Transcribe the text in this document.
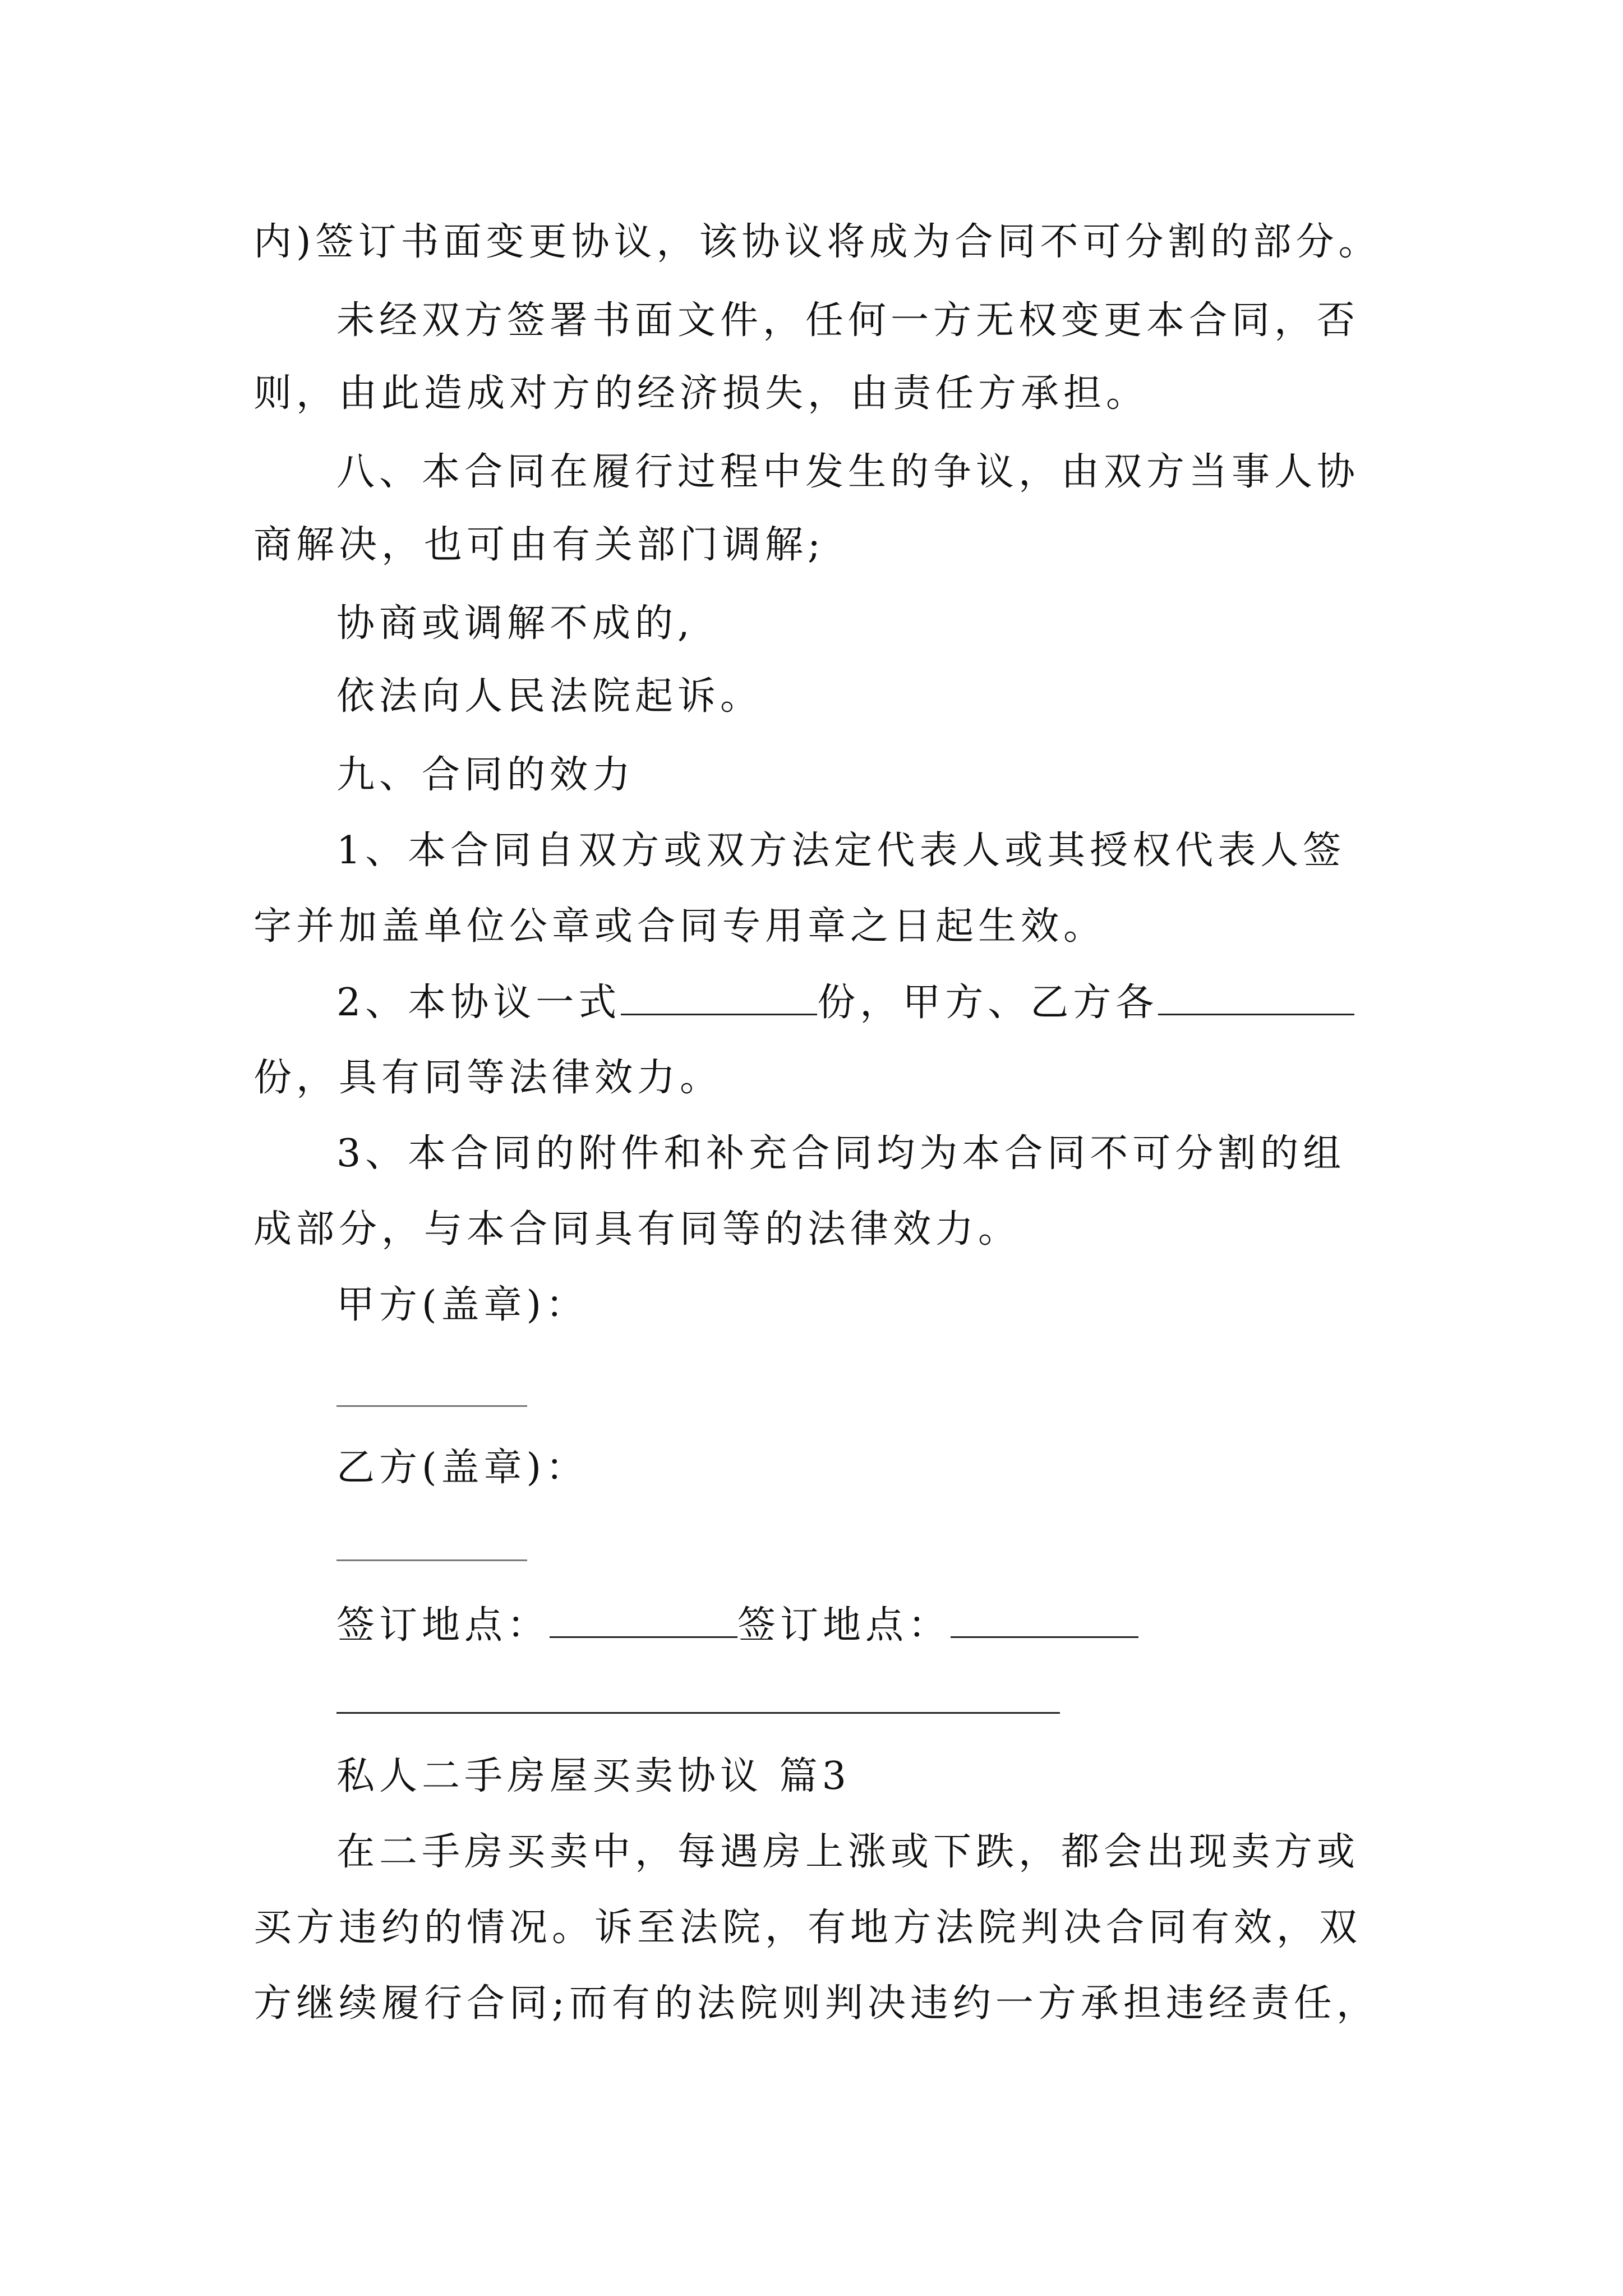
内)签订书面变更协议，该协议将成为合同不可分割的部分。
未经双方签署书面文件，任何一方无权变更本合同，否
则，由此造成对方的经济损失，由责任方承担。
八、本合同在履行过程中发生的争议，由双方当事人协
商解决，也可由有关部门调解;
协商或调解不成的,
依法向人民法院起诉。
九、合同的效力
1、本合同自双方或双方法定代表人或其授权代表人签
字并加盖单位公章或合同专用章之日起生效。
2、本协议一式	份，甲方、乙方各
份，具有同等法律效力。
3、本合同的附件和补充合同均为本合同不可分割的组
成部分，与本合同具有同等的法律效力。
甲方(盖章)：
乙方(盖章)：
签订地点：	签订地点：
私人二手房屋买卖协议 篇3
在二手房买卖中，每遇房上涨或下跌，都会出现卖方或
买方违约的情况。诉至法院，有地方法院判决合同有效，双
方继续履行合同;而有的法院则判决违约一方承担违经责任，
